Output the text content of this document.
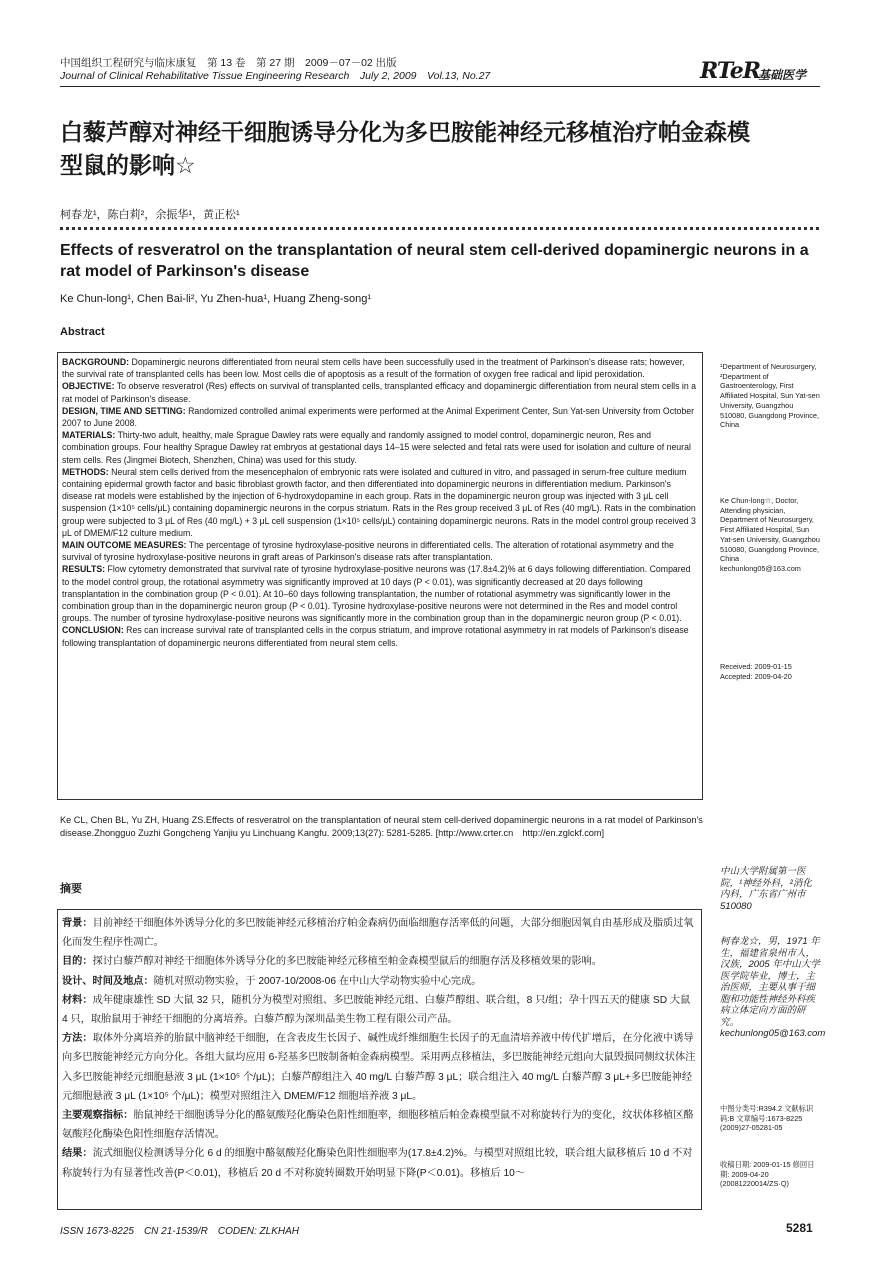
中国组织工程研究与临床康复　第 13 卷　第 27 期　2009－07－02 出版
Journal of Clinical Rehabilitative Tissue Engineering Research　July 2, 2009　Vol.13, No.27	RTeR
基础医学
白藜芦醇对神经干细胞诱导分化为多巴胺能神经元移植治疗帕金森模型鼠的影响☆
柯春龙¹，陈白莉²，余振华¹，黄正松¹
Effects of resveratrol on the transplantation of neural stem cell-derived dopaminergic neurons in a rat model of Parkinson's disease
Ke Chun-long¹, Chen Bai-li², Yu Zhen-hua¹, Huang Zheng-song¹
Abstract

BACKGROUND: Dopaminergic neurons differentiated from neural stem cells have been successfully used in the treatment of Parkinson's disease rats; however, the survival rate of transplanted cells has been low. Most cells die of apoptosis as a result of the formation of oxygen free radical and lipid peroxidation.

OBJECTIVE: To observe resveratrol (Res) effects on survival of transplanted cells, transplanted efficacy and dopaminergic differentiation from neural stem cells in a rat model of Parkinson's disease.

DESIGN, TIME AND SETTING: Randomized controlled animal experiments were performed at the Animal Experiment Center, Sun Yat-sen University from October 2007 to June 2008.

MATERIALS: Thirty-two adult, healthy, male Sprague Dawley rats were equally and randomly assigned to model control, dopaminergic neuron, Res and combination groups. Four healthy Sprague Dawley rat embryos at gestational days 14–15 were selected and fetal rats were used for isolation and culture of neural stem cells. Res (Jingmei Biotech, Shenzhen, China) was used for this study.

METHODS: Neural stem cells derived from the mesencephalon of embryonic rats were isolated and cultured in vitro, and passaged in serum-free culture medium containing epidermal growth factor and basic fibroblast growth factor, and then differentiated into dopaminergic neurons in differentiation medium. Parkinson's disease rat models were established by the injection of 6-hydroxydopamine in each group. Rats in the dopaminergic neuron group was injected with 3 μL cell suspension (1×10⁵ cells/μL) containing dopaminergic neurons in the corpus striatum. Rats in the Res group received 3 μL of Res (40 mg/L). Rats in the combination group were subjected to 3 μL of Res (40 mg/L) + 3 μL cell suspension (1×10⁵ cells/μL) containing dopaminergic neurons. Rats in the model control group received 3 μL of DMEM/F12 culture medium.

MAIN OUTCOME MEASURES: The percentage of tyrosine hydroxylase-positive neurons in differentiated cells. The alteration of rotational asymmetry and the survival of tyrosine hydroxylase-positive neurons in graft areas of Parkinson's disease rats after transplantation.

RESULTS: Flow cytometry demonstrated that survival rate of tyrosine hydroxylase-positive neurons was (17.8±4.2)% at 6 days following differentiation. Compared to the model control group, the rotational asymmetry was significantly improved at 10 days (P < 0.01), was significantly decreased at 20 days following transplantation in the combination group (P < 0.01). At 10–60 days following transplantation, the number of rotational asymmetry was significantly lower in the combination group than in the dopaminergic neuron group (P < 0.01). Tyrosine hydroxylase-positive neurons were not determined in the Res and model control groups. The number of tyrosine hydroxylase-positive neurons was significantly more in the combination group than in the dopaminergic neuron group (P < 0.01).

CONCLUSION: Res can increase survival rate of transplanted cells in the corpus striatum, and improve rotational asymmetry in rat models of Parkinson's disease following transplantation of dopaminergic neurons differentiated from neural stem cells.

¹Department of Neurosurgery, ²Department of Gastroenterology, First Affiliated Hospital, Sun Yat-sen University, Guangzhou 510080, Guangdong Province, China
Ke Chun-long☆, Doctor, Attending physician, Department of Neurosurgery, First Affiliated Hospital, Sun Yat-sen University, Guangzhou 510080, Guangdong Province, China kechunlong05@163.com
Received: 2009-01-15 Accepted: 2009-04-20
Ke CL, Chen BL, Yu ZH, Huang ZS.Effects of resveratrol on the transplantation of neural stem cell-derived dopaminergic neurons in a rat model of Parkinson's disease.Zhongguo Zuzhi Gongcheng Yanjiu yu Linchuang Kangfu. 2009;13(27): 5281-5285. [http://www.crter.cn　http://en.zglckf.com]
摘要

背景：目前神经干细胞体外诱导分化的多巴胺能神经元移植治疗帕金森病仍面临细胞存活率低的问题，大部分细胞因氧自由基形成及脂质过氧化而发生程序性凋亡。

目的：探讨白藜芦醇对神经干细胞体外诱导分化的多巴胺能神经元移植至帕金森模型鼠后的细胞存活及移植效果的影响。

设计、时间及地点：随机对照动物实验，于 2007-10/2008-06 在中山大学动物实验中心完成。

材料：成年健康雄性 SD 大鼠 32 只，随机分为模型对照组、多巴胺能神经元组、白藜芦醇组、联合组，8 只/组；孕十四五天的健康 SD 大鼠 4 只，取胎鼠用于神经干细胞的分离培养。白藜芦醇为深圳晶美生物工程有限公司产品。

方法：取体外分离培养的胎鼠中脑神经干细胞，在含表皮生长因子、碱性成纤维细胞生长因子的无血清培养液中传代扩增后，在分化液中诱导向多巴胺能神经元方向分化。各组大鼠均应用 6-羟基多巴胺制备帕金森病模型。采用两点移植法，多巴胺能神经元组向大鼠毁损同侧纹状体注入多巴胺能神经元细胞悬液 3 μL (1×10⁵ 个/μL)；白藜芦醇组注入 40 mg/L 白藜芦醇 3 μL；联合组注入 40 mg/L 白藜芦醇 3 μL+多巴胺能神经元细胞悬液 3 μL (1×10⁵ 个/μL)；模型对照组注入 DMEM/F12 细胞培养液 3 μL。

主要观察指标：胎鼠神经干细胞诱导分化的酪氨酸羟化酶染色阳性细胞率，细胞移植后帕金森模型鼠不对称旋转行为的变化，纹状体移植区酪氨酸羟化酶染色阳性细胞存活情况。

结果：流式细胞仪检测诱导分化 6 d 的细胞中酪氨酸羟化酶染色阳性细胞率为(17.8±4.2)%。与模型对照组比较，联合组大鼠移植后 10 d 不对称旋转行为有显著性改善(P＜0.01)，移植后 20 d 不对称旋转圈数开始明显下降(P＜0.01)。移植后 10～

中山大学附属第一医院，¹神经外科，²消化内科，广东省广州市 510080
柯春龙☆，男，1971 年生，福建省泉州市人，汉族，2005 年中山大学医学院毕业，博士，主治医师，主要从事干细胞和功能性神经外科疾病立体定向方面的研究。kechunlong05@163.com
中图分类号:R394.2 文献标识码:B 文章编号:1673-8225 (2009)27-05281-05
收稿日期: 2009-01-15 修回日期: 2009-04-20 (20081220014/ZS·Q)
ISSN 1673-8225　CN 21-1539/R　CODEN: ZLKHAH	5281
